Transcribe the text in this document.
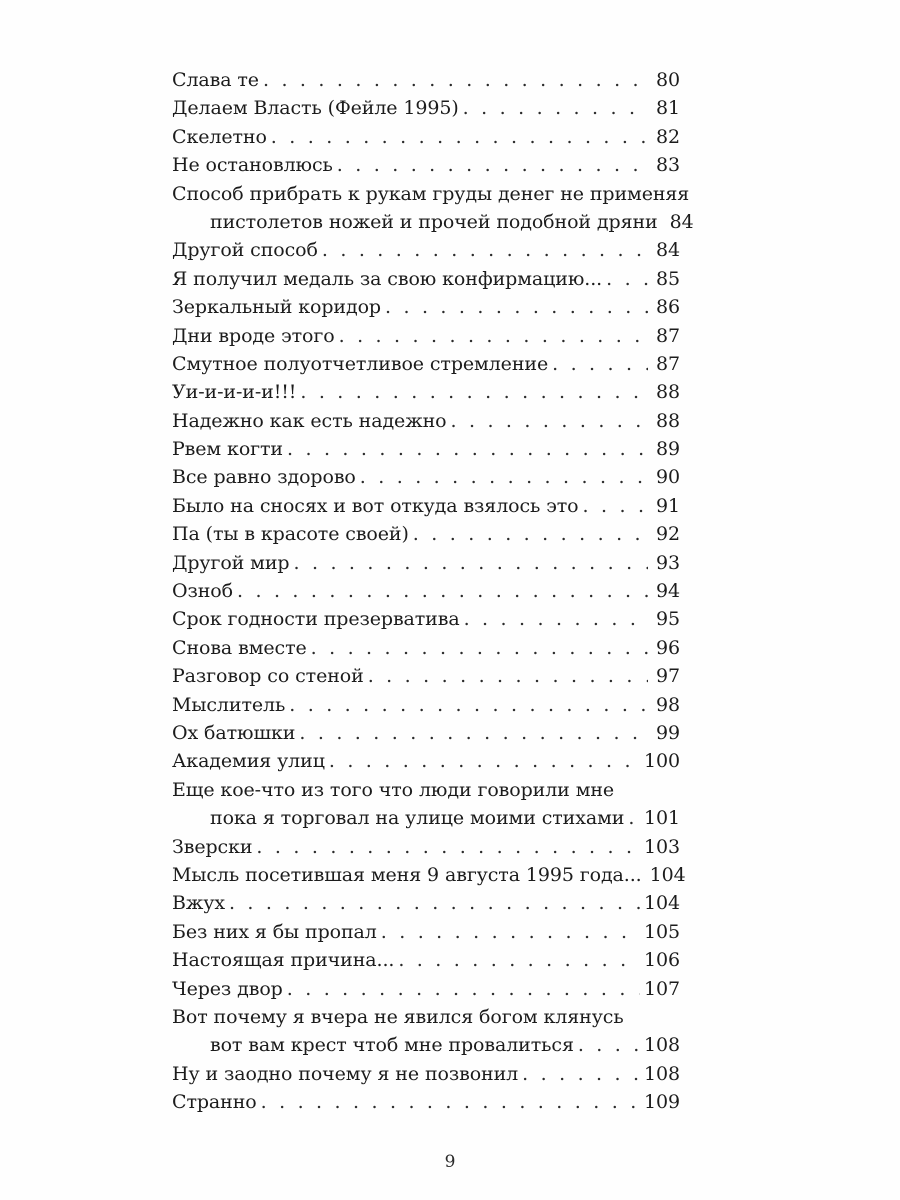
Слава те . . .	80
Делаем Власть (Фейле 1995) . . .	81
Скелетно . . .	82
Не остановлюсь . . .	83
Способ прибрать к рукам груды денег не применяя
пистолетов ножей и прочей подобной дряни 84
Другой способ . . .	84
Я получил медаль за свою конфирмацию... . . .	85
Зеркальный коридор . . .	86
Дни вроде этого . . .	87
Смутное полуотчетливое стремление . . .	87
Уи-и-и-и-и!!! . . .	88
Надежно как есть надежно . . .	88
Рвем когти . . .	89
Все равно здорово . . .	90
Было на сносях и вот откуда взялось это . . .	91
Па (ты в красоте своей) . . .	92
Другой мир . . .	93
Озноб . . .	94
Срок годности презерватива . . .	95
Снова вместе . . .	96
Разговор со стеной . . .	97
Мыслитель . . .	98
Ох батюшки . . .	99
Академия улиц . . .	100
Еще кое-что из того что люди говорили мне
пока я торговал на улице моими стихами . . . 101
Зверски . . .	103
Мысль посетившая меня 9 августа 1995 года... 104
Вжух . . .	104
Без них я бы пропал . . .	105
Настоящая причина... . . .	106
Через двор . . .	107
Вот почему я вчера не явился богом клянусь
вот вам крест чтоб мне провалиться . . .	108
Ну и заодно почему я не позвонил . . .	108
Странно . . .	109
9
